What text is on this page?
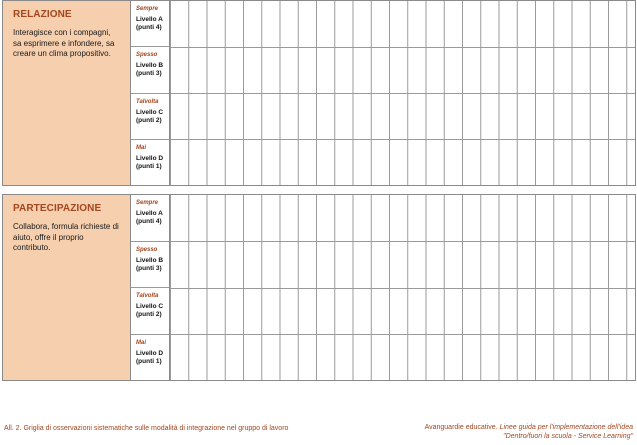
RELAZIONE
Interagisce con i compagni, sa esprimere e infondere, sa creare un clima propositivo.
Sempre
Livello A
(punti 4)
Spesso
Livello B
(punti 3)
Talvolta
Livello C
(punti 2)
Mai
Livello D
(punti 1)
PARTECIPAZIONE
Collabora, formula richieste di aiuto, offre il proprio contributo.
Sempre
Livello A
(punti 4)
Spesso
Livello B
(punti 3)
Talvolta
Livello C
(punti 2)
Mai
Livello D
(punti 1)
All. 2. Griglia di osservazioni sistematiche sulle modalità di integrazione nel gruppo di lavoro	Avanguardie educative. Linee guida per l'implementazione dell'idea
"Dentro/fuori la scuola - Service Learning"
